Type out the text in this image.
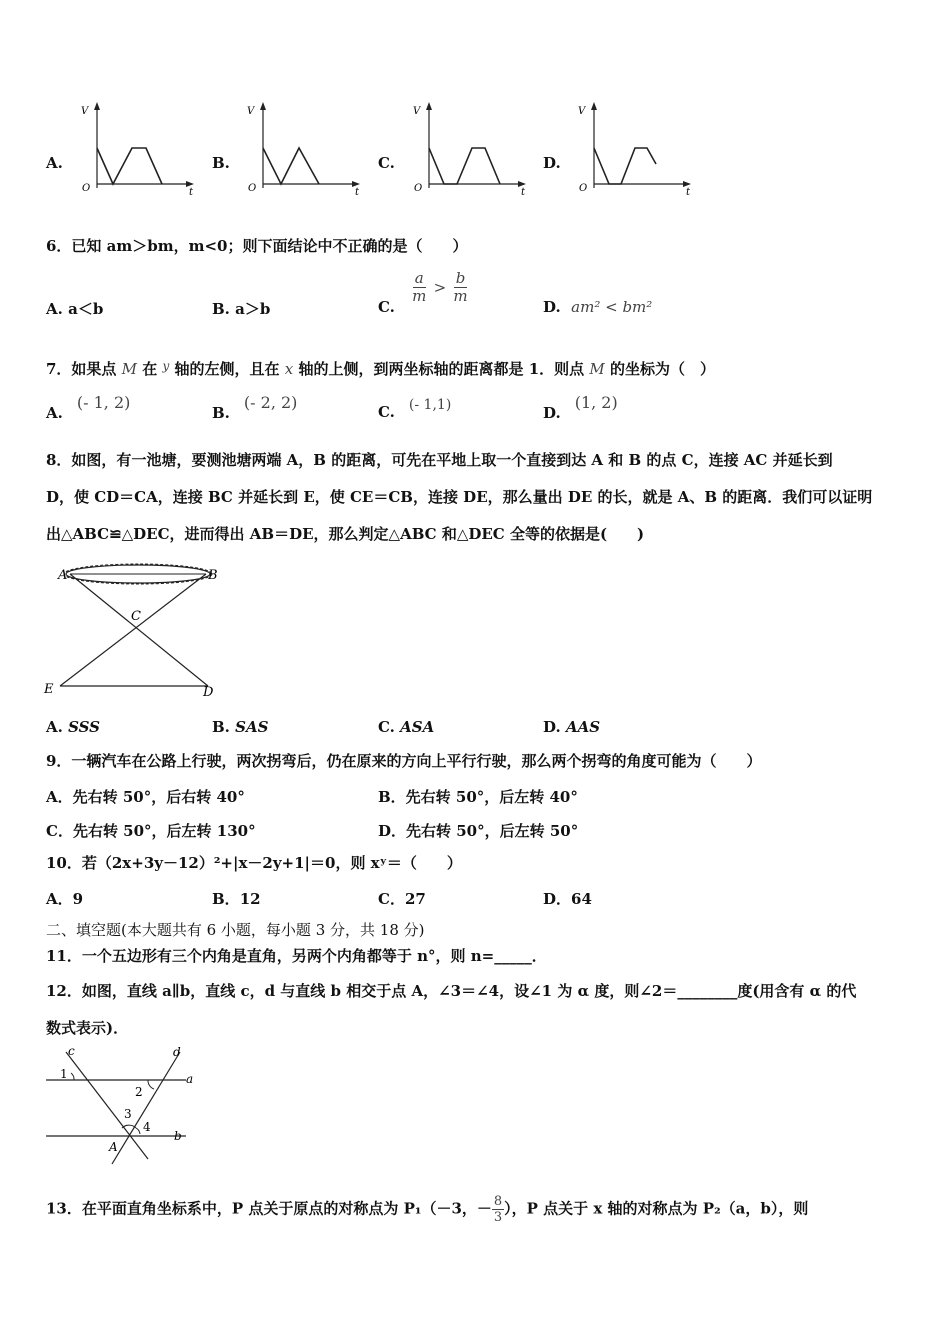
A.	B.	C.	D.
V
O	t
V
O	t
V
O	t
V
O	t
6．已知 am＞bm，m<0；则下面结论中不正确的是（　　）
A. a＜b	B. a＞b	C.
$\frac{a}{m} > \frac{b}{m}$
D. am² < bm²
7．如果点 M 在 $^y$ 轴的左侧，且在 x 轴的上侧，到两坐标轴的距离都是 1．则点 M 的坐标为（　）
A.(- 1, 2)
B.(- 2, 2)	C. (- 1,1)	D.(1, 2)
8．如图，有一池塘，要测池塘两端 A，B 的距离，可先在平地上取一个直接到达 A 和 B 的点 C，连接 AC 并延长到
D，使 CD＝CA，连接 BC 并延长到 E，使 CE＝CB，连接 DE，那么量出 DE 的长，就是 A、B 的距离．我们可以证明
出△ABC≌△DEC，进而得出 AB＝DE，那么判定△ABC 和△DEC 全等的依据是(　　)
A	B
C
E	D
A. SSS	B. SAS	C. ASA	D. AAS
9．一辆汽车在公路上行驶，两次拐弯后，仍在原来的方向上平行行驶，那么两个拐弯的角度可能为（　　）
A．先右转 50°，后右转 40°	B．先右转 50°，后左转 40°
C．先右转 50°，后左转 130°	D．先右转 50°，后左转 50°
10．若（2x+3y－12）²+|x－2y+1|＝0，则 xʸ＝（　　）
A．9	B．12	C．27	D．64
二、填空题(本大题共有 6 小题，每小题 3 分，共 18 分)
11．一个五边形有三个内角是直角，另两个内角都等于 n°，则 n=_____．
12．如图，直线 a∥b，直线 c，d 与直线 b 相交于点 A，∠3＝∠4，设∠1 为 α 度，则∠2＝________度(用含有 α 的代
数式表示)．
c	d
a
b
1
2
3
4
A
13．在平面直角坐标系中，P 点关于原点的对称点为 P₁（－3，－ $\frac{8}{3}$ ），P 点关于 x 轴的对称点为 P₂（a，b），则
